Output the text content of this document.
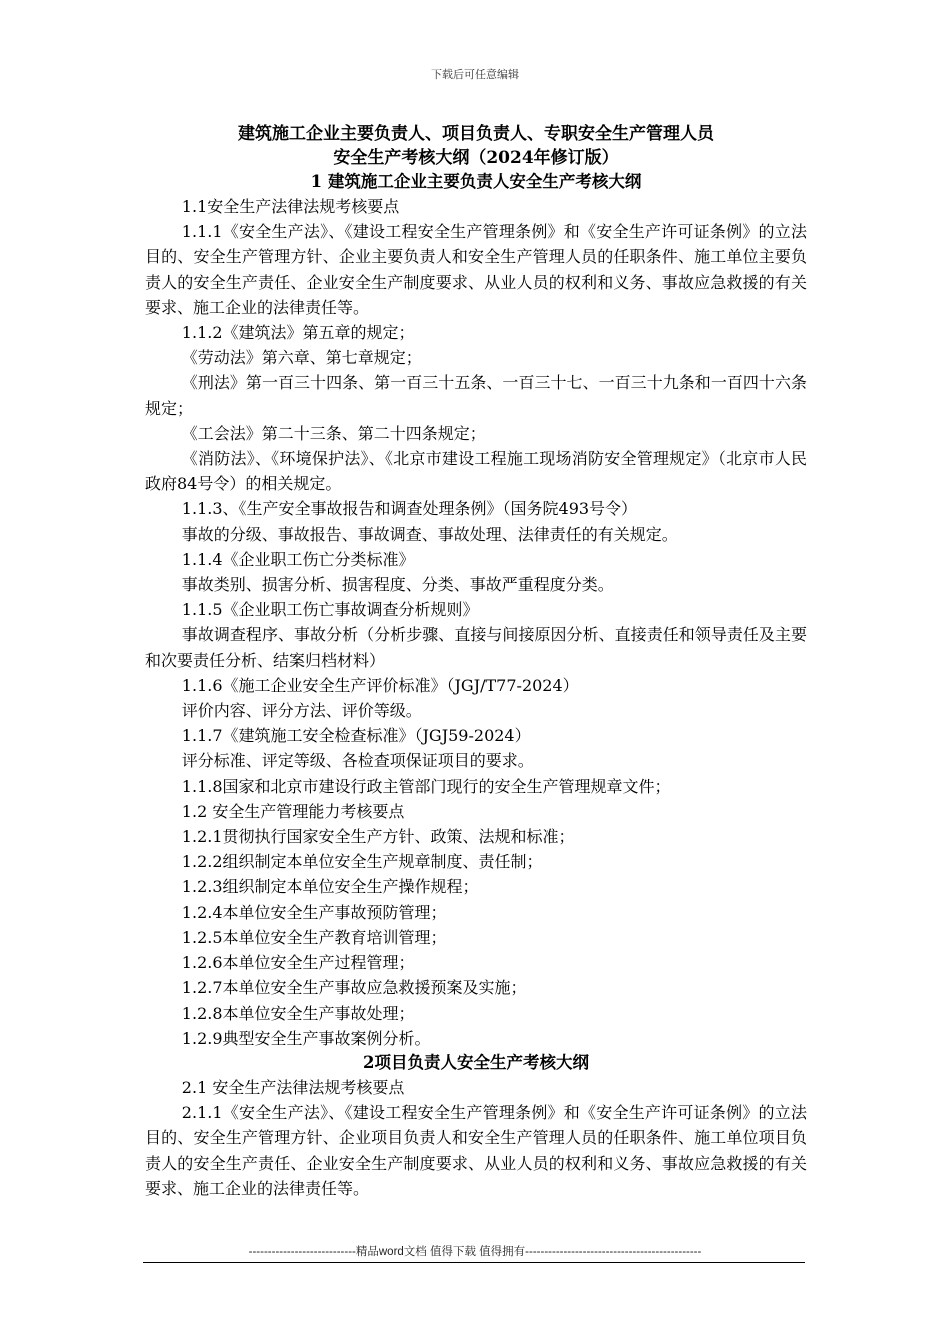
下载后可任意编辑

建筑施工企业主要负责人、项目负责人、专职安全生产管理人员

安全生产考核大纲（2024年修订版）

1 建筑施工企业主要负责人安全生产考核大纲

1.1安全生产法律法规考核要点

1.1.1《安全生产法》、《建设工程安全生产管理条例》和《安全生产许可证条例》的立法目的、安全生产管理方针、企业主要负责人和安全生产管理人员的任职条件、施工单位主要负责人的安全生产责任、企业安全生产制度要求、从业人员的权利和义务、事故应急救援的有关要求、施工企业的法律责任等。

1.1.2《建筑法》第五章的规定；

《劳动法》第六章、第七章规定；

《刑法》第一百三十四条、第一百三十五条、一百三十七、一百三十九条和一百四十六条规定；

《工会法》第二十三条、第二十四条规定；

《消防法》、《环境保护法》、《北京市建设工程施工现场消防安全管理规定》（北京市人民政府84号令）的相关规定。

1.1.3、《生产安全事故报告和调查处理条例》（国务院493号令）

事故的分级、事故报告、事故调查、事故处理、法律责任的有关规定。

1.1.4《企业职工伤亡分类标准》

事故类别、损害分析、损害程度、分类、事故严重程度分类。

1.1.5《企业职工伤亡事故调查分析规则》

事故调查程序、事故分析（分析步骤、直接与间接原因分析、直接责任和领导责任及主要和次要责任分析、结案归档材料）

1.1.6《施工企业安全生产评价标准》（JGJ/T77-2024）

评价内容、评分方法、评价等级。

1.1.7《建筑施工安全检查标准》（JGJ59-2024）

评分标准、评定等级、各检查项保证项目的要求。

1.1.8国家和北京市建设行政主管部门现行的安全生产管理规章文件；

1.2 安全生产管理能力考核要点

1.2.1贯彻执行国家安全生产方针、政策、法规和标准；

1.2.2组织制定本单位安全生产规章制度、责任制；

1.2.3组织制定本单位安全生产操作规程；

1.2.4本单位安全生产事故预防管理；

1.2.5本单位安全生产教育培训管理；

1.2.6本单位安全生产过程管理；

1.2.7本单位安全生产事故应急救援预案及实施；

1.2.8本单位安全生产事故处理；

1.2.9典型安全生产事故案例分析。

2项目负责人安全生产考核大纲

2.1 安全生产法律法规考核要点

2.1.1《安全生产法》、《建设工程安全生产管理条例》和《安全生产许可证条例》的立法目的、安全生产管理方针、企业项目负责人和安全生产管理人员的任职条件、施工单位项目负责人的安全生产责任、企业安全生产制度要求、从业人员的权利和义务、事故应急救援的有关要求、施工企业的法律责任等。

----------------------------精品word文档 值得下载 值得拥有----------------------------------------------
